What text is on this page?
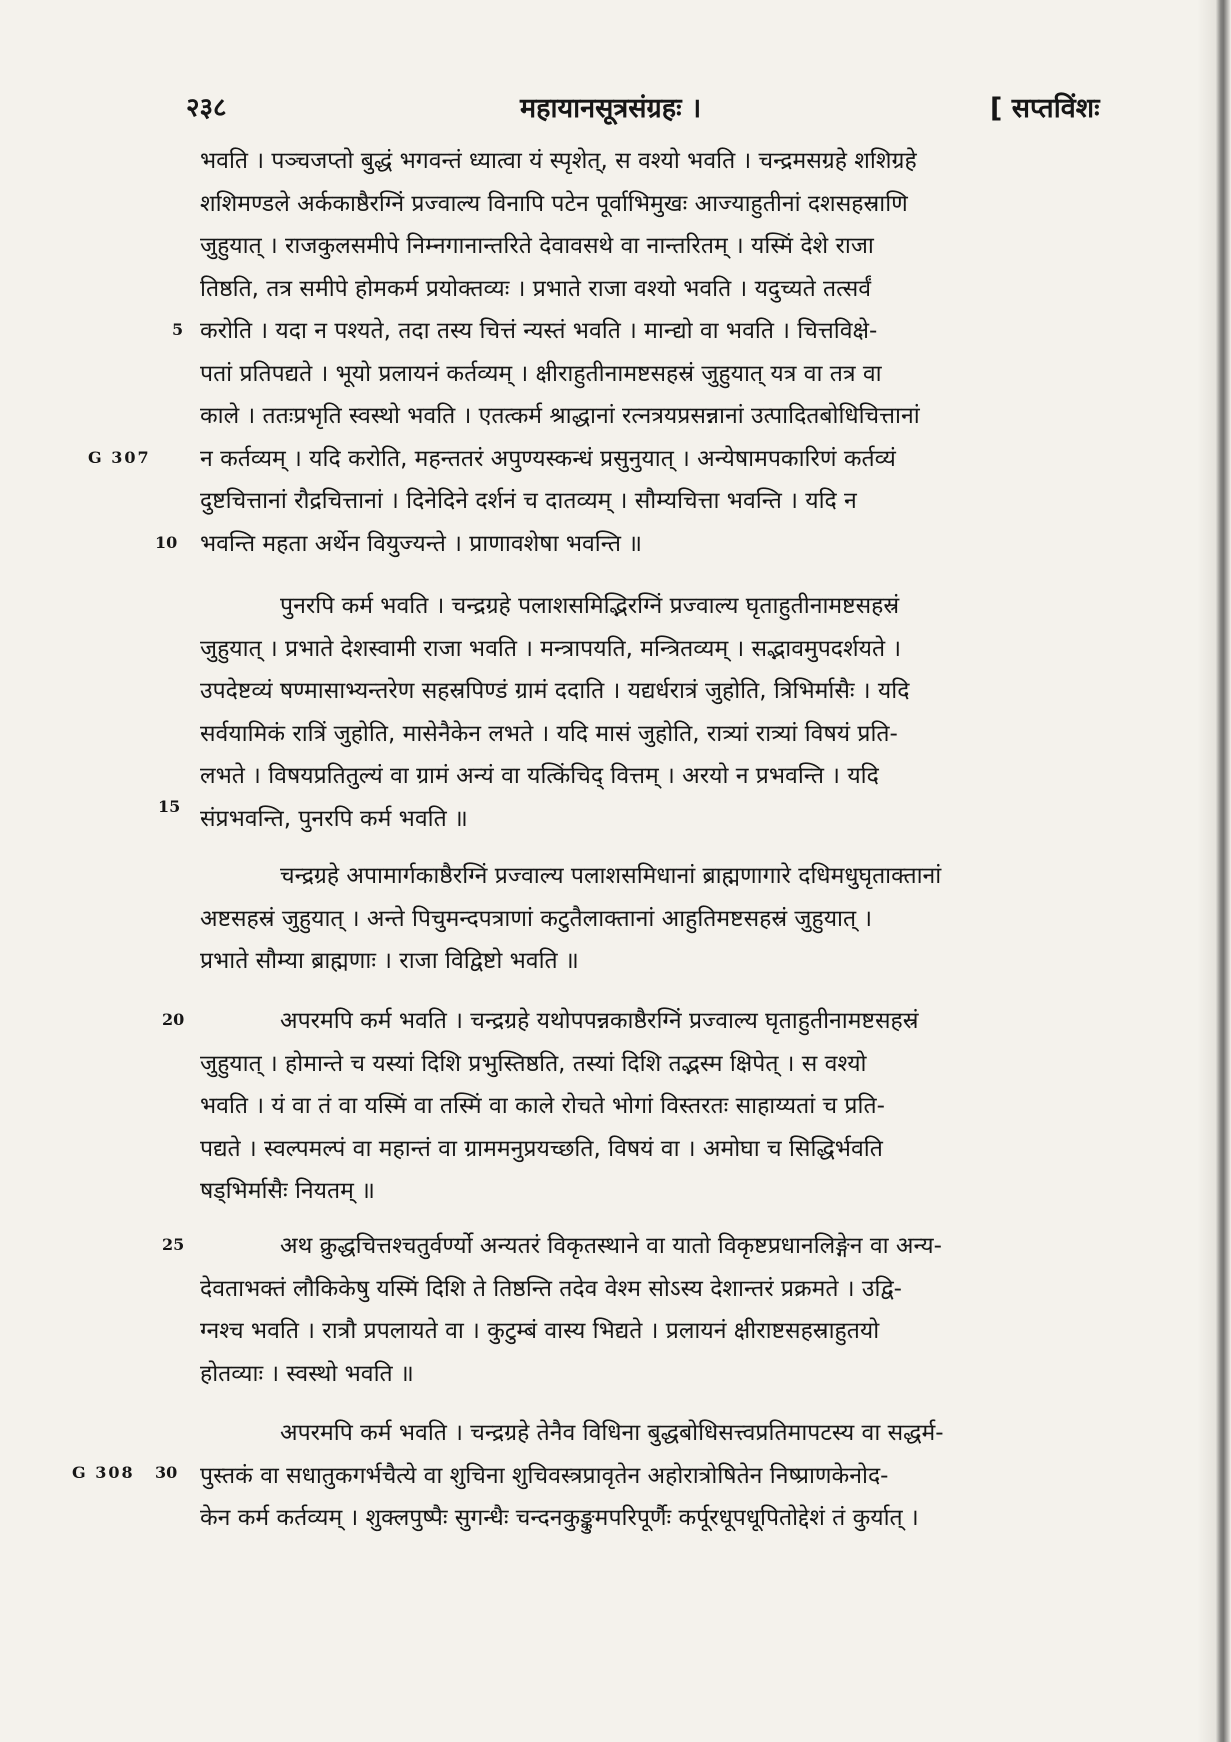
२३८	महायानसूत्रसंग्रहः ।	[ सप्तविंशः
भवति । पञ्चजप्तो बुद्धं भगवन्तं ध्यात्वा यं स्पृशेत्, स वश्यो भवति । चन्द्रमसग्रहे शशिग्रहे
शशिमण्डले अर्ककाष्ठैरग्निं प्रज्वाल्य विनापि पटेन पूर्वाभिमुखः आज्याहुतीनां दशसहस्राणि
जुहुयात् । राजकुलसमीपे निम्नगानान्तरिते देवावसथे वा नान्तरितम् । यस्मिं देशे राजा
तिष्ठति, तत्र समीपे होमकर्म प्रयोक्तव्यः । प्रभाते राजा वश्यो भवति । यदुच्यते तत्सर्वं
करोति । यदा न पश्यते, तदा तस्य चित्तं न्यस्तं भवति । मान्द्यो वा भवति । चित्तविक्षे-
पतां प्रतिपद्यते । भूयो प्रलायनं कर्तव्यम् । क्षीराहुतीनामष्टसहस्रं जुहुयात् यत्र वा तत्र वा
काले । ततःप्रभृति स्वस्थो भवति । एतत्कर्म श्राद्धानां रत्नत्रयप्रसन्नानां उत्पादितबोधिचित्तानां
न कर्तव्यम् । यदि करोति, महन्ततरं अपुण्यस्कन्धं प्रसुनुयात् । अन्येषामपकारिणं कर्तव्यं
दुष्टचित्तानां रौद्रचित्तानां । दिनेदिने दर्शनं च दातव्यम् । सौम्यचित्ता भवन्ति । यदि न
भवन्ति महता अर्थेन वियुज्यन्ते । प्राणावशेषा भवन्ति ॥
पुनरपि कर्म भवति । चन्द्रग्रहे पलाशसमिद्भिरग्निं प्रज्वाल्य घृताहुतीनामष्टसहस्रं
जुहुयात् । प्रभाते देशस्वामी राजा भवति । मन्त्रापयति, मन्त्रितव्यम् । सद्भावमुपदर्शयते ।
उपदेष्टव्यं षण्मासाभ्यन्तरेण सहस्रपिण्डं ग्रामं ददाति । यद्यर्धरात्रं जुहोति, त्रिभिर्मासैः । यदि
सर्वयामिकं रात्रिं जुहोति, मासेनैकेन लभते । यदि मासं जुहोति, रात्र्यां रात्र्यां विषयं प्रति-
लभते । विषयप्रतितुल्यं वा ग्रामं अन्यं वा यत्किंचिद् वित्तम् । अरयो न प्रभवन्ति । यदि
संप्रभवन्ति, पुनरपि कर्म भवति ॥
चन्द्रग्रहे अपामार्गकाष्ठैरग्निं प्रज्वाल्य पलाशसमिधानां ब्राह्मणागारे दधिमधुघृताक्तानां
अष्टसहस्रं जुहुयात् । अन्ते पिचुमन्दपत्राणां कटुतैलाक्तानां आहुतिमष्टसहस्रं जुहुयात् ।
प्रभाते सौम्या ब्राह्मणाः । राजा विद्विष्टो भवति ॥
अपरमपि कर्म भवति । चन्द्रग्रहे यथोपपन्नकाष्ठैरग्निं प्रज्वाल्य घृताहुतीनामष्टसहस्रं
जुहुयात् । होमान्ते च यस्यां दिशि प्रभुस्तिष्ठति, तस्यां दिशि तद्भस्म क्षिपेत् । स वश्यो
भवति । यं वा तं वा यस्मिं वा तस्मिं वा काले रोचते भोगां विस्तरतः साहाय्यतां च प्रति-
पद्यते । स्वल्पमल्पं वा महान्तं वा ग्राममनुप्रयच्छति, विषयं वा । अमोघा च सिद्धिर्भवति
षड्भिर्मासैः नियतम् ॥
अथ क्रुद्धचित्तश्चतुर्वर्ण्यो अन्यतरं विकृतस्थाने वा यातो विकृष्टप्रधानलिङ्गेन वा अन्य-
देवताभक्तं लौकिकेषु यस्मिं दिशि ते तिष्ठन्ति तदेव वेश्म सोऽस्य देशान्तरं प्रक्रमते । उद्वि-
ग्नश्च भवति । रात्रौ प्रपलायते वा । कुटुम्बं वास्य भिद्यते । प्रलायनं क्षीराष्टसहस्राहुतयो
होतव्याः । स्वस्थो भवति ॥
अपरमपि कर्म भवति । चन्द्रग्रहे तेनैव विधिना बुद्धबोधिसत्त्वप्रतिमापटस्य वा सद्धर्म-
पुस्तकं वा सधातुकगर्भचैत्ये वा शुचिना शुचिवस्त्रप्रावृतेन अहोरात्रोषितेन निष्प्राणकेनोद-
केन कर्म कर्तव्यम् । शुक्लपुष्पैः सुगन्धैः चन्दनकुङ्कुमपरिपूर्णैः कर्पूरधूपधूपितोद्देशं तं कुर्यात् ।
5
10
15
20
25
30
G 307
G 308
